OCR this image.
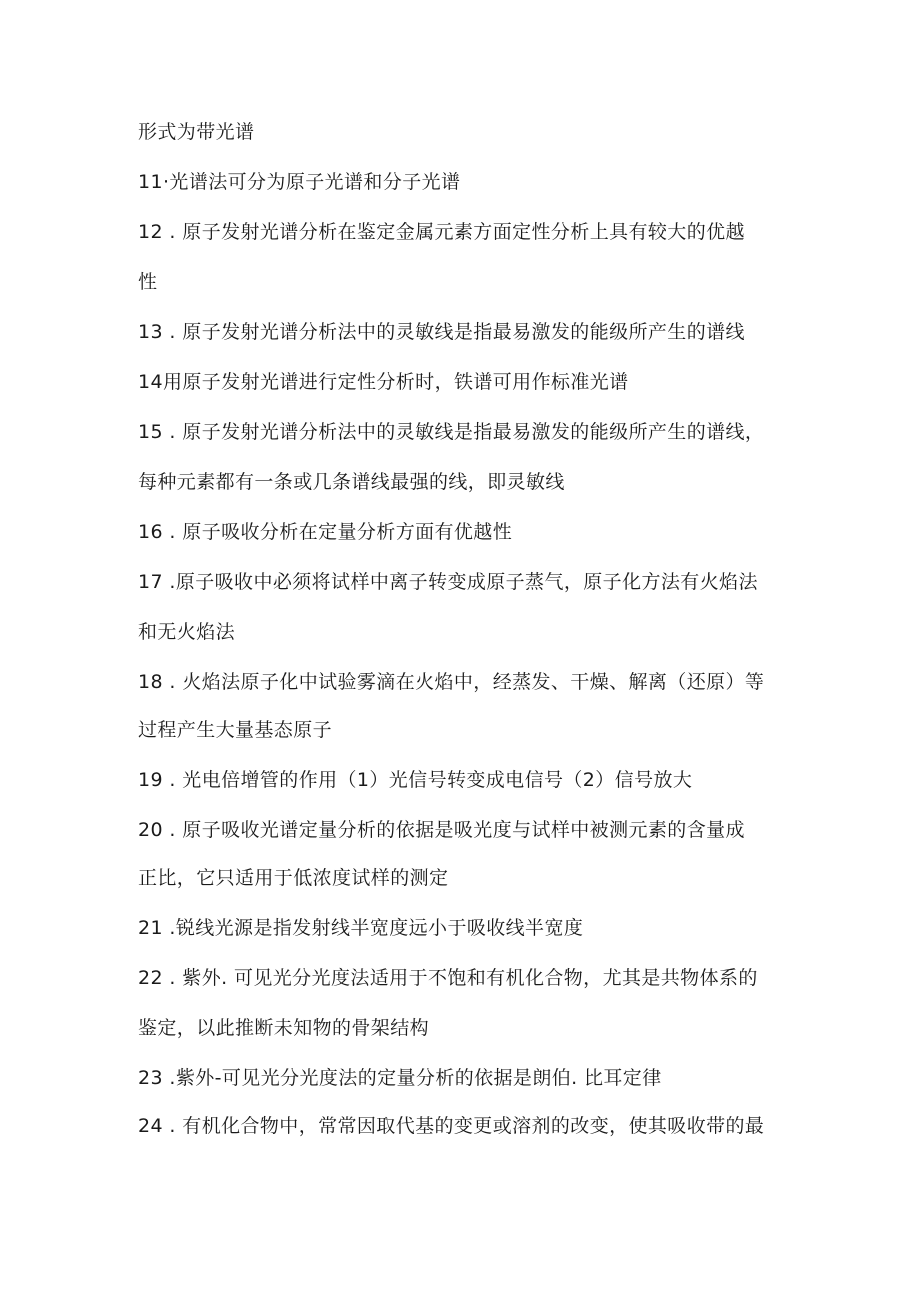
形式为带光谱
11·光谱法可分为原子光谱和分子光谱
12 . 原子发射光谱分析在鉴定金属元素方面定性分析上具有较大的优越
性
13 . 原子发射光谱分析法中的灵敏线是指最易激发的能级所产生的谱线
14用原子发射光谱进行定性分析时，铁谱可用作标准光谱
15 . 原子发射光谱分析法中的灵敏线是指最易激发的能级所产生的谱线，
每种元素都有一条或几条谱线最强的线，即灵敏线
16 . 原子吸收分析在定量分析方面有优越性
17 .原子吸收中必须将试样中离子转变成原子蒸气，原子化方法有火焰法
和无火焰法
18 . 火焰法原子化中试验雾滴在火焰中，经蒸发、干燥、解离（还原）等
过程产生大量基态原子
19 . 光电倍增管的作用（1）光信号转变成电信号（2）信号放大
20 . 原子吸收光谱定量分析的依据是吸光度与试样中被测元素的含量成
正比，它只适用于低浓度试样的测定
21 .锐线光源是指发射线半宽度远小于吸收线半宽度
22 . 紫外. 可见光分光度法适用于不饱和有机化合物，尤其是共物体系的
鉴定，以此推断未知物的骨架结构
23 .紫外-可见光分光度法的定量分析的依据是朗伯. 比耳定律
24 . 有机化合物中，常常因取代基的变更或溶剂的改变，使其吸收带的最
